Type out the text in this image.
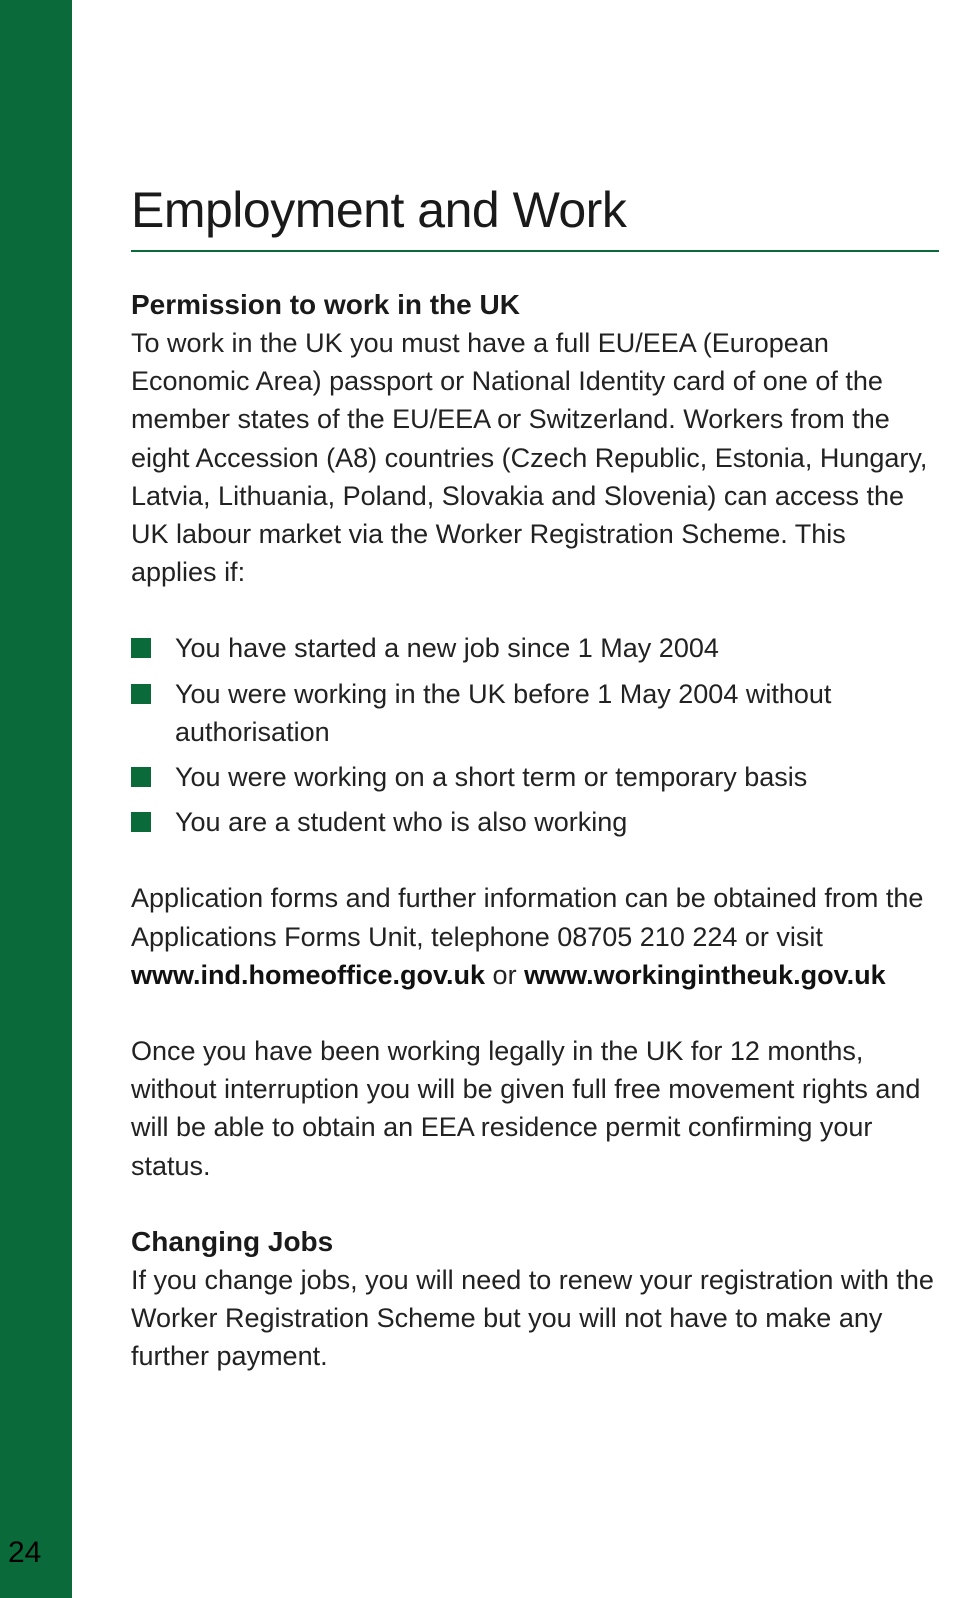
24
Employment and Work
Permission to work in the UK

To work in the UK you must have a full EU/EEA (European Economic Area) passport or National Identity card of one of the member states of the EU/EEA or Switzerland. Workers from the eight Accession (A8) countries (Czech Republic, Estonia, Hungary, Latvia, Lithuania, Poland, Slovakia and Slovenia) can access the UK labour market via the Worker Registration Scheme. This applies if:

You have started a new job since 1 May 2004
You were working in the UK before 1 May 2004 without authorisation
You were working on a short term or temporary basis
You are a student who is also working

Application forms and further information can be obtained from the Applications Forms Unit, telephone 08705 210 224 or visit www.ind.homeoffice.gov.uk or www.workingintheuk.gov.uk

Once you have been working legally in the UK for 12 months, without interruption you will be given full free movement rights and will be able to obtain an EEA residence permit confirming your status.

Changing Jobs

If you change jobs, you will need to renew your registration with the Worker Registration Scheme but you will not have to make any further payment.
